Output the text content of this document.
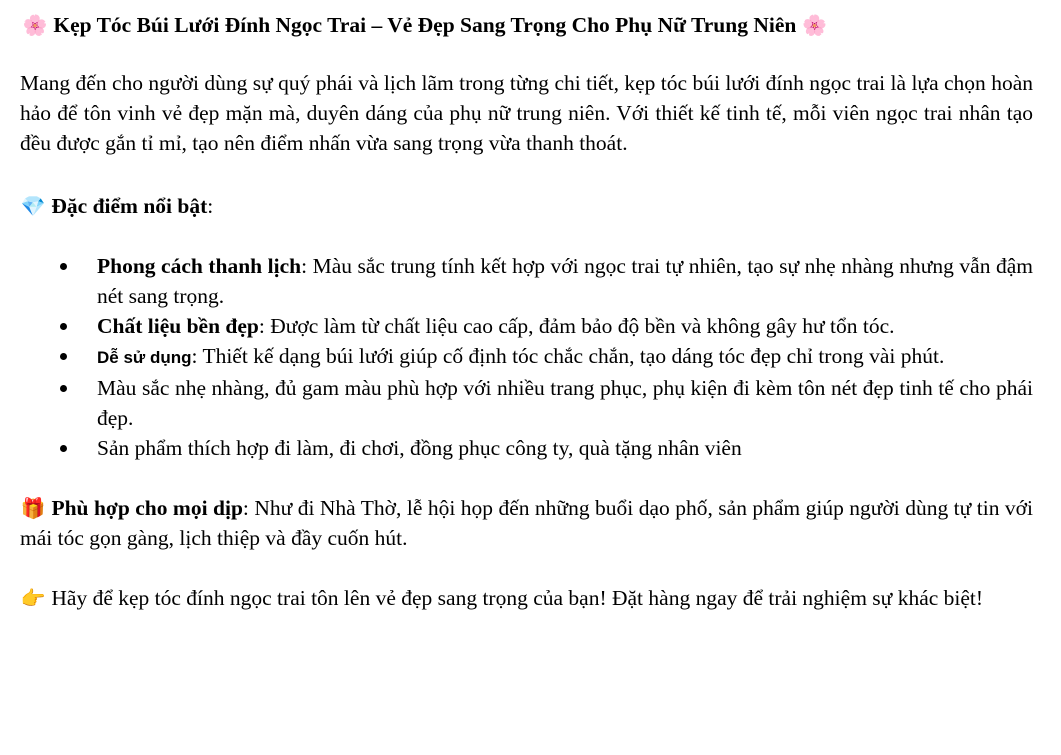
🌸 Kẹp Tóc Búi Lưới Đính Ngọc Trai – Vẻ Đẹp Sang Trọng Cho Phụ Nữ Trung Niên 🌸

Mang đến cho người dùng sự quý phái và lịch lãm trong từng chi tiết, kẹp tóc búi lưới đính ngọc trai là lựa chọn hoàn hảo để tôn vinh vẻ đẹp mặn mà, duyên dáng của phụ nữ trung niên. Với thiết kế tinh tế, mỗi viên ngọc trai nhân tạo đều được gắn tỉ mỉ, tạo nên điểm nhấn vừa sang trọng vừa thanh thoát.

💎 Đặc điểm nổi bật:

Phong cách thanh lịch: Màu sắc trung tính kết hợp với ngọc trai tự nhiên, tạo sự nhẹ nhàng nhưng vẫn đậm nét sang trọng.
Chất liệu bền đẹp: Được làm từ chất liệu cao cấp, đảm bảo độ bền và không gây hư tổn tóc.
Dễ sử dụng: Thiết kế dạng búi lưới giúp cố định tóc chắc chắn, tạo dáng tóc đẹp chỉ trong vài phút.
Màu sắc nhẹ nhàng, đủ gam màu phù hợp với nhiều trang phục, phụ kiện đi kèm tôn nét đẹp tinh tế cho phái đẹp.
Sản phẩm thích hợp đi làm, đi chơi, đồng phục công ty, quà tặng nhân viên

🎁 Phù hợp cho mọi dịp: Như đi Nhà Thờ, lễ hội họp đến những buổi dạo phố, sản phẩm giúp người dùng tự tin với mái tóc gọn gàng, lịch thiệp và đầy cuốn hút.

👉 Hãy để kẹp tóc đính ngọc trai tôn lên vẻ đẹp sang trọng của bạn! Đặt hàng ngay để trải nghiệm sự khác biệt!
